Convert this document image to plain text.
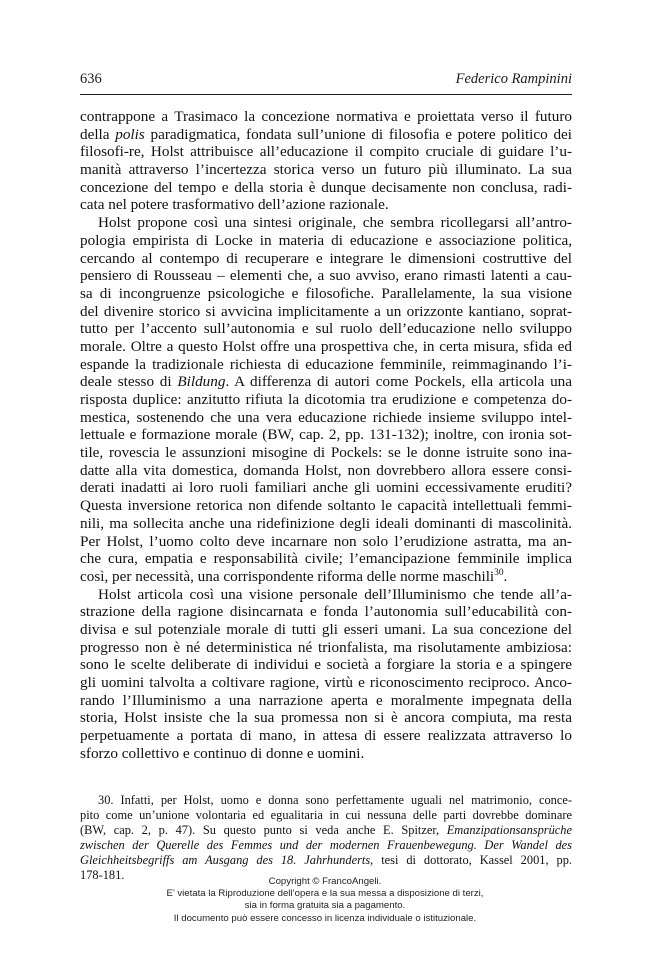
636	Federico Rampinini
contrappone a Trasimaco la concezione normativa e proiettata verso il futuro
della polis paradigmatica, fondata sull’unione di filosofia e potere politico dei
filosofi-re, Holst attribuisce all’educazione il compito cruciale di guidare l’u-
manità attraverso l’incertezza storica verso un futuro più illuminato. La sua
concezione del tempo e della storia è dunque decisamente non conclusa, radi-
cata nel potere trasformativo dell’azione razionale.
Holst propone così una sintesi originale, che sembra ricollegarsi all’antro-
pologia empirista di Locke in materia di educazione e associazione politica,
cercando al contempo di recuperare e integrare le dimensioni costruttive del
pensiero di Rousseau – elementi che, a suo avviso, erano rimasti latenti a cau-
sa di incongruenze psicologiche e filosofiche. Parallelamente, la sua visione
del divenire storico si avvicina implicitamente a un orizzonte kantiano, soprat-
tutto per l’accento sull’autonomia e sul ruolo dell’educazione nello sviluppo
morale. Oltre a questo Holst offre una prospettiva che, in certa misura, sfida ed
espande la tradizionale richiesta di educazione femminile, reimmaginando l’i-
deale stesso di Bildung. A differenza di autori come Pockels, ella articola una
risposta duplice: anzitutto rifiuta la dicotomia tra erudizione e competenza do-
mestica, sostenendo che una vera educazione richiede insieme sviluppo intel-
lettuale e formazione morale (BW, cap. 2, pp. 131-132); inoltre, con ironia sot-
tile, rovescia le assunzioni misogine di Pockels: se le donne istruite sono ina-
datte alla vita domestica, domanda Holst, non dovrebbero allora essere consi-
derati inadatti ai loro ruoli familiari anche gli uomini eccessivamente eruditi?
Questa inversione retorica non difende soltanto le capacità intellettuali femmi-
nili, ma sollecita anche una ridefinizione degli ideali dominanti di mascolinità.
Per Holst, l’uomo colto deve incarnare non solo l’erudizione astratta, ma an-
che cura, empatia e responsabilità civile; l’emancipazione femminile implica
così, per necessità, una corrispondente riforma delle norme maschili$^{30}$.
Holst articola così una visione personale dell’Illuminismo che tende all’a-
strazione della ragione disincarnata e fonda l’autonomia sull’educabilità con-
divisa e sul potenziale morale di tutti gli esseri umani. La sua concezione del
progresso non è né deterministica né trionfalista, ma risolutamente ambiziosa:
sono le scelte deliberate di individui e società a forgiare la storia e a spingere
gli uomini talvolta a coltivare ragione, virtù e riconoscimento reciproco. Anco-
rando l’Illuminismo a una narrazione aperta e moralmente impegnata della
storia, Holst insiste che la sua promessa non si è ancora compiuta, ma resta
perpetuamente a portata di mano, in attesa di essere realizzata attraverso lo
sforzo collettivo e continuo di donne e uomini.
30. Infatti, per Holst, uomo e donna sono perfettamente uguali nel matrimonio, conce-
pito come un’unione volontaria ed egualitaria in cui nessuna delle parti dovrebbe dominare
(BW, cap. 2, p. 47). Su questo punto si veda anche E. Spitzer, Emanzipationsansprüche
zwischen der Querelle des Femmes und der modernen Frauenbewegung. Der Wandel des
Gleichheitsbegriffs am Ausgang des 18. Jahrhunderts, tesi di dottorato, Kassel 2001, pp.
178-181.	Copyright © FrancoAngeli.
E’ vietata la Riproduzione dell’opera e la sua messa a disposizione di terzi,
sia in forma gratuita sia a pagamento.
Il documento può essere concesso in licenza individuale o istituzionale.
